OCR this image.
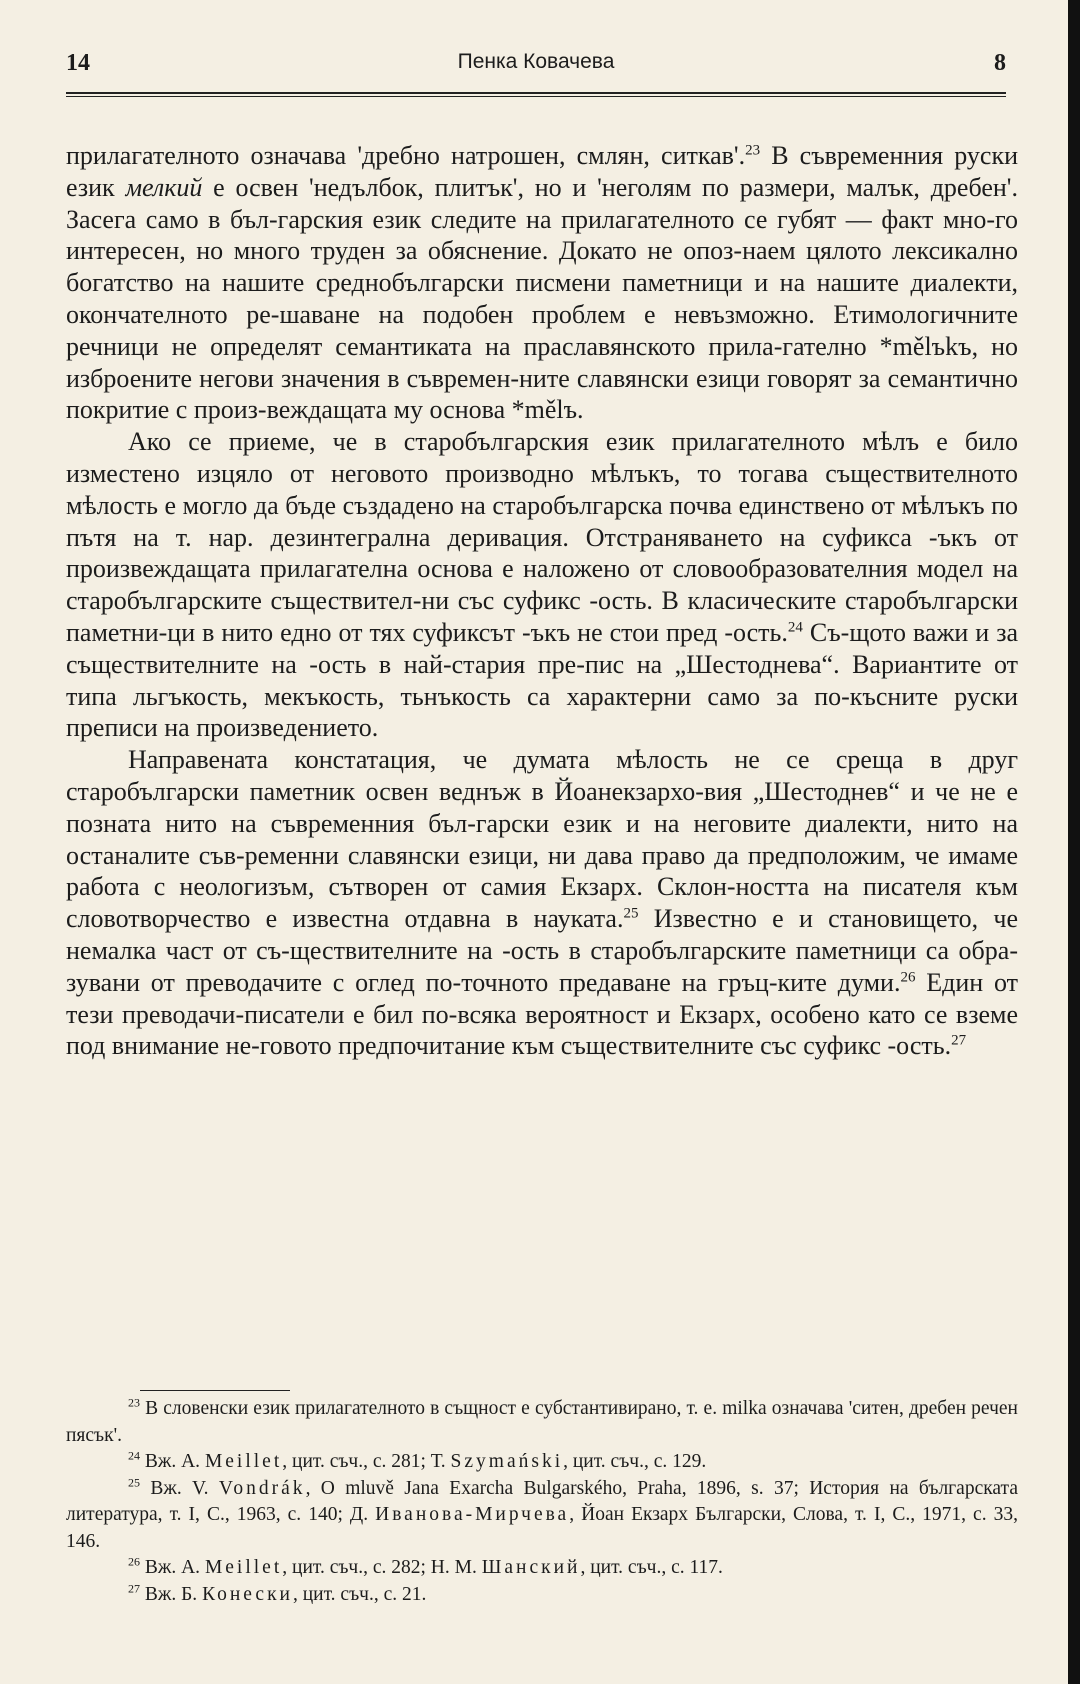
14	Пенка Ковачева	8

прилагателното означава 'дребно натрошен, смлян, ситкав'.$^{23}$ В съвременния руски език мелкий е освен 'недълбок, плитък', но и 'неголям по размери, малък, дребен'. Засега само в бъл-гарския език следите на прилагателното се губят — факт мно-го интересен, но много труден за обяснение. Докато не опоз-наем цялото лексикално богатство на нашите среднобългарски писмени паметници и на нашите диалекти, окончателното ре-шаване на подобен проблем е невъзможно. Етимологичните речници не определят семантиката на праславянското прила-гателно *mělъkъ, но изброените негови значения в съвремен-ните славянски езици говорят за семантично покритие с произ-веждащата му основа *mělъ.

Ако се приеме, че в старобългарския език прилагателното мѣлъ е било изместено изцяло от неговото производно мѣлъкъ, то тогава съществителното мѣлость е могло да бъде създадено на старобългарска почва единствено от мѣлъкъ по пътя на т. нар. дезинтегрална деривация. Отстраняването на суфикса -ъкъ от произвеждащата прилагателна основа е наложено от словообразователния модел на старобългарските съществител-ни със суфикс -ость. В класическите старобългарски паметни-ци в нито едно от тях суфиксът -ъкъ не стои пред -ость.$^{24}$ Съ-щото важи и за съществителните на -ость в най-стария пре-пис на „Шестоднева“. Вариантите от типа льгъкость, мекъкость, тьнъкость са характерни само за по-късните руски преписи на произведението.

Направената констатация, че думата мѣлость не се среща в друг старобългарски паметник освен веднъж в Йоанекзархо-вия „Шестоднев“ и че не е позната нито на съвременния бъл-гарски език и на неговите диалекти, нито на останалите съв-ременни славянски езици, ни дава право да предположим, че имаме работа с неологизъм, сътворен от самия Екзарх. Склон-ността на писателя към словотворчество е известна отдавна в науката.$^{25}$ Известно е и становището, че немалка част от съ-ществителните на -ость в старобългарските паметници са обра-зувани от преводачите с оглед по-точното предаване на гръц-ките думи.$^{26}$ Един от тези преводачи-писатели е бил по-всяка вероятност и Екзарх, особено като се вземе под внимание не-говото предпочитание към съществителните със суфикс -ость.$^{27}$

$^{23}$ В словенски език прилагателното в същност е субстантивирано, т. е. milka означава 'ситен, дребен речен пясък'.

$^{24}$ Вж. А. Meillet, цит. съч., с. 281; Т. Szymański, цит. съч., с. 129.

$^{25}$ Вж. V. Vondrák, O mluvě Jana Exarcha Bulgarského, Praha, 1896, s. 37; История на българската литература, т. I, С., 1963, с. 140; Д. Иванова-Мирчева, Йоан Екзарх Български, Слова, т. I, С., 1971, с. 33, 146.

$^{26}$ Вж. А. Meillet, цит. съч., с. 282; Н. М. Шанский, цит. съч., с. 117.

$^{27}$ Вж. Б. Конески, цит. съч., с. 21.
